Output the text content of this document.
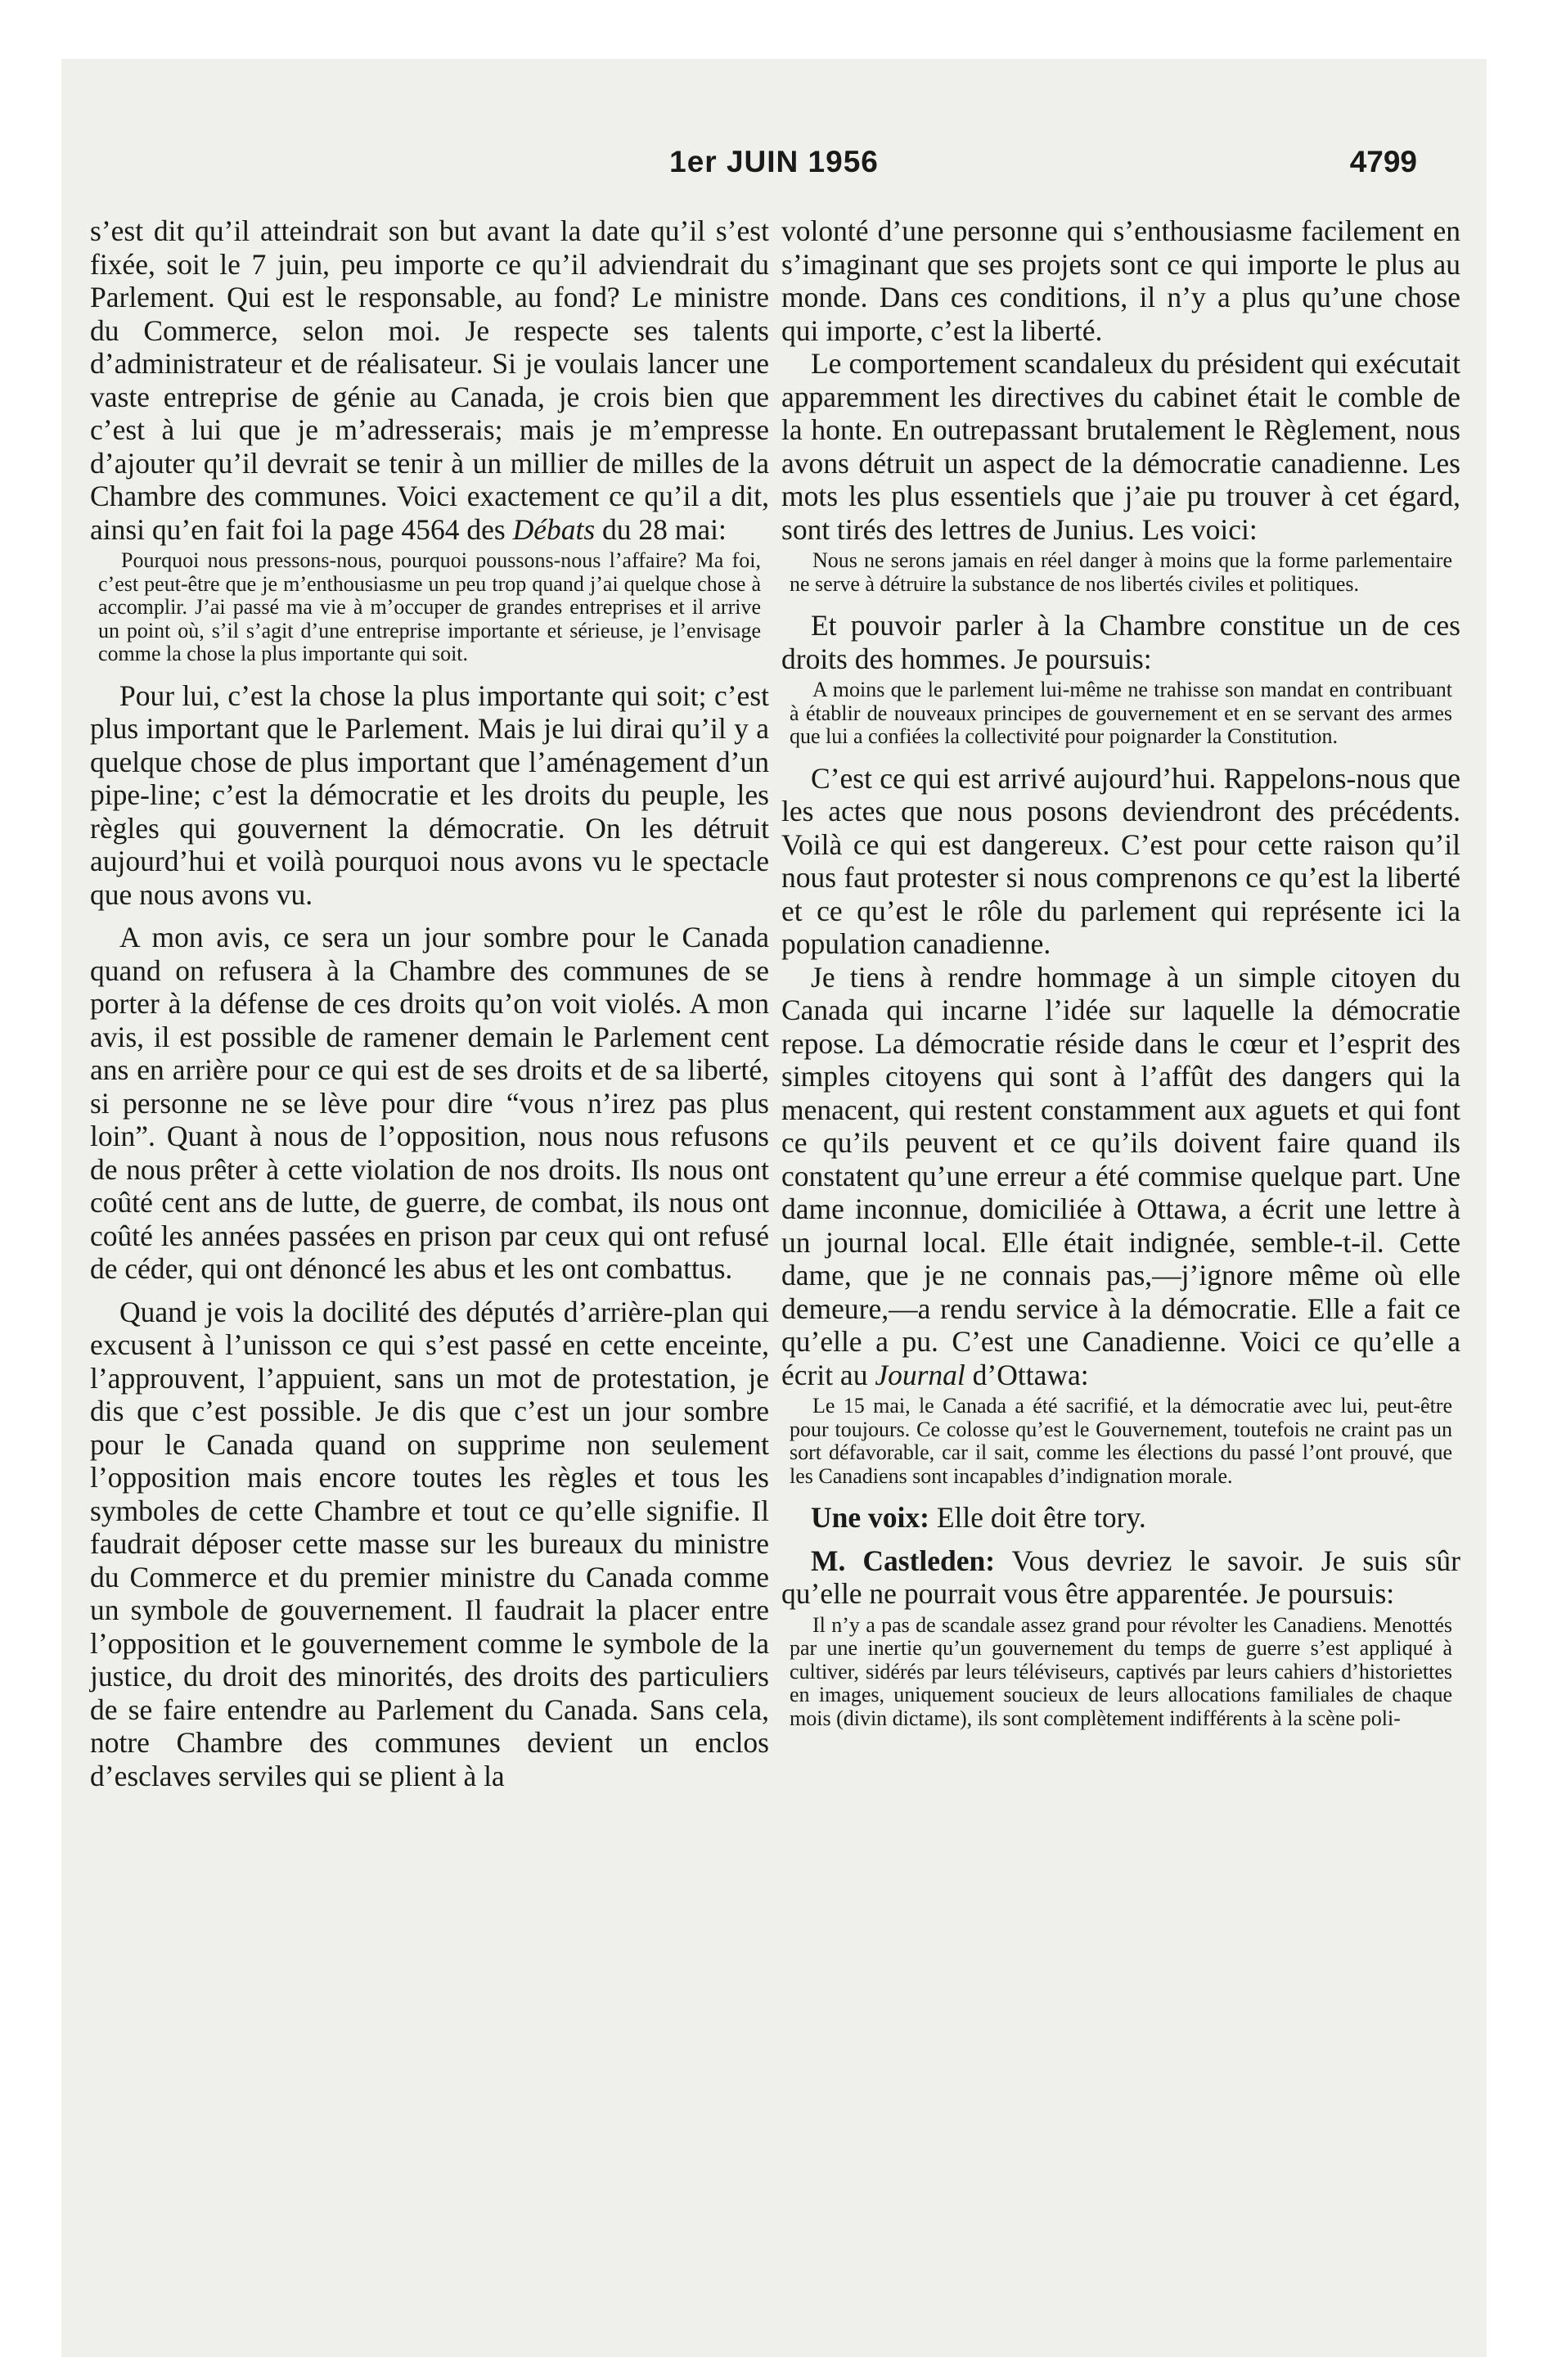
1er JUIN 1956	4799

s’est dit qu’il atteindrait son but avant la date qu’il s’est fixée, soit le 7 juin, peu importe ce qu’il adviendrait du Parlement. Qui est le responsable, au fond? Le ministre du Commerce, selon moi. Je respecte ses talents d’administrateur et de réalisateur. Si je voulais lancer une vaste entreprise de génie au Canada, je crois bien que c’est à lui que je m’adresserais; mais je m’empresse d’ajouter qu’il devrait se tenir à un millier de milles de la Chambre des communes. Voici exactement ce qu’il a dit, ainsi qu’en fait foi la page 4564 des Débats du 28 mai:

Pourquoi nous pressons-nous, pourquoi poussons-nous l’affaire? Ma foi, c’est peut-être que je m’enthousiasme un peu trop quand j’ai quelque chose à accomplir. J’ai passé ma vie à m’occuper de grandes entreprises et il arrive un point où, s’il s’agit d’une entreprise importante et sérieuse, je l’envisage comme la chose la plus importante qui soit.

Pour lui, c’est la chose la plus importante qui soit; c’est plus important que le Parlement. Mais je lui dirai qu’il y a quelque chose de plus important que l’aménagement d’un pipe-line; c’est la démocratie et les droits du peuple, les règles qui gouvernent la démocratie. On les détruit aujourd’hui et voilà pourquoi nous avons vu le spectacle que nous avons vu.

A mon avis, ce sera un jour sombre pour le Canada quand on refusera à la Chambre des communes de se porter à la défense de ces droits qu’on voit violés. A mon avis, il est possible de ramener demain le Parlement cent ans en arrière pour ce qui est de ses droits et de sa liberté, si personne ne se lève pour dire “vous n’irez pas plus loin”. Quant à nous de l’opposition, nous nous refusons de nous prêter à cette violation de nos droits. Ils nous ont coûté cent ans de lutte, de guerre, de combat, ils nous ont coûté les années passées en prison par ceux qui ont refusé de céder, qui ont dénoncé les abus et les ont combattus.

Quand je vois la docilité des députés d’arrière-plan qui excusent à l’unisson ce qui s’est passé en cette enceinte, l’approuvent, l’appuient, sans un mot de protestation, je dis que c’est possible. Je dis que c’est un jour sombre pour le Canada quand on supprime non seulement l’opposition mais encore toutes les règles et tous les symboles de cette Chambre et tout ce qu’elle signifie. Il faudrait déposer cette masse sur les bureaux du ministre du Commerce et du premier ministre du Canada comme un symbole de gouvernement. Il faudrait la placer entre l’opposition et le gouvernement comme le symbole de la justice, du droit des minorités, des droits des particuliers de se faire entendre au Parlement du Canada. Sans cela, notre Chambre des communes devient un enclos d’esclaves serviles qui se plient à la

volonté d’une personne qui s’enthousiasme facilement en s’imaginant que ses projets sont ce qui importe le plus au monde. Dans ces conditions, il n’y a plus qu’une chose qui importe, c’est la liberté.

Le comportement scandaleux du président qui exécutait apparemment les directives du cabinet était le comble de la honte. En outrepassant brutalement le Règlement, nous avons détruit un aspect de la démocratie canadienne. Les mots les plus essentiels que j’aie pu trouver à cet égard, sont tirés des lettres de Junius. Les voici:

Nous ne serons jamais en réel danger à moins que la forme parlementaire ne serve à détruire la substance de nos libertés civiles et politiques.

Et pouvoir parler à la Chambre constitue un de ces droits des hommes. Je poursuis:

A moins que le parlement lui-même ne trahisse son mandat en contribuant à établir de nouveaux principes de gouvernement et en se servant des armes que lui a confiées la collectivité pour poignarder la Constitution.

C’est ce qui est arrivé aujourd’hui. Rappelons-nous que les actes que nous posons deviendront des précédents. Voilà ce qui est dangereux. C’est pour cette raison qu’il nous faut protester si nous comprenons ce qu’est la liberté et ce qu’est le rôle du parlement qui représente ici la population canadienne.

Je tiens à rendre hommage à un simple citoyen du Canada qui incarne l’idée sur laquelle la démocratie repose. La démocratie réside dans le cœur et l’esprit des simples citoyens qui sont à l’affût des dangers qui la menacent, qui restent constamment aux aguets et qui font ce qu’ils peuvent et ce qu’ils doivent faire quand ils constatent qu’une erreur a été commise quelque part. Une dame inconnue, domiciliée à Ottawa, a écrit une lettre à un journal local. Elle était indignée, semble-t-il. Cette dame, que je ne connais pas,—j’ignore même où elle demeure,—a rendu service à la démocratie. Elle a fait ce qu’elle a pu. C’est une Canadienne. Voici ce qu’elle a écrit au Journal d’Ottawa:

Le 15 mai, le Canada a été sacrifié, et la démocratie avec lui, peut-être pour toujours. Ce colosse qu’est le Gouvernement, toutefois ne craint pas un sort défavorable, car il sait, comme les élections du passé l’ont prouvé, que les Canadiens sont incapables d’indignation morale.

Une voix: Elle doit être tory.

M. Castleden: Vous devriez le savoir. Je suis sûr qu’elle ne pourrait vous être apparentée. Je poursuis:

Il n’y a pas de scandale assez grand pour révolter les Canadiens. Menottés par une inertie qu’un gouvernement du temps de guerre s’est appliqué à cultiver, sidérés par leurs téléviseurs, captivés par leurs cahiers d’historiettes en images, uniquement soucieux de leurs allocations familiales de chaque mois (divin dictame), ils sont complètement indifférents à la scène poli-
